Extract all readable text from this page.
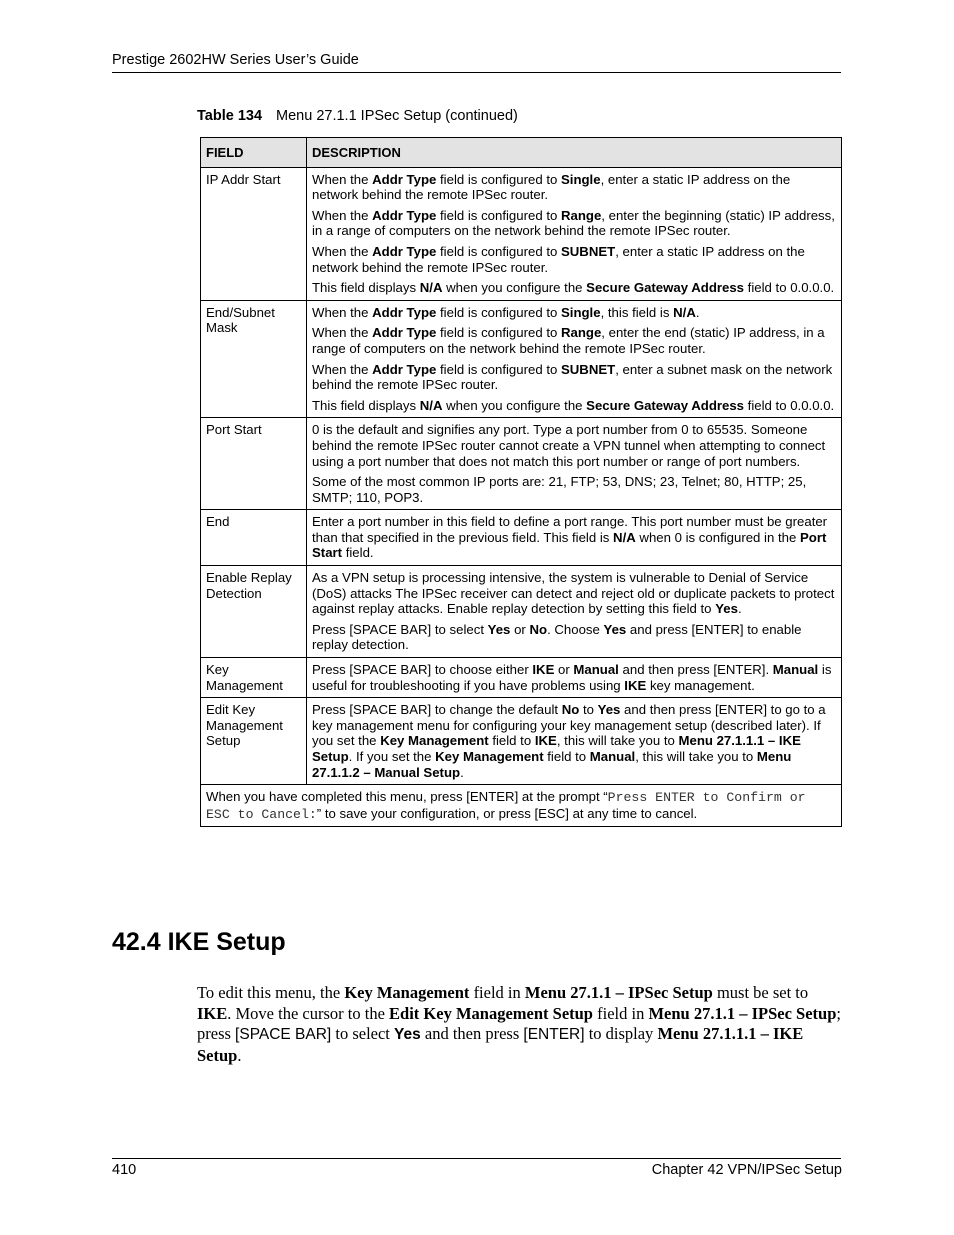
Prestige 2602HW Series User’s Guide
Table 134 Menu 27.1.1 IPSec Setup (continued)
FIELD	DESCRIPTION
IP Addr Start	When the Addr Type field is configured to Single, enter a static IP address on the network behind the remote IPSec router.

When the Addr Type field is configured to Range, enter the beginning (static) IP address, in a range of computers on the network behind the remote IPSec router.

When the Addr Type field is configured to SUBNET, enter a static IP address on the network behind the remote IPSec router.

This field displays N/A when you configure the Secure Gateway Address field to 0.0.0.0.

End/Subnet Mask	When the Addr Type field is configured to Single, this field is N/A.

When the Addr Type field is configured to Range, enter the end (static) IP address, in a range of computers on the network behind the remote IPSec router.

When the Addr Type field is configured to SUBNET, enter a subnet mask on the network behind the remote IPSec router.

This field displays N/A when you configure the Secure Gateway Address field to 0.0.0.0.

Port Start	0 is the default and signifies any port. Type a port number from 0 to 65535. Someone behind the remote IPSec router cannot create a VPN tunnel when attempting to connect using a port number that does not match this port number or range of port numbers.

Some of the most common IP ports are: 21, FTP; 53, DNS; 23, Telnet; 80, HTTP; 25, SMTP; 110, POP3.

End	Enter a port number in this field to define a port range. This port number must be greater than that specified in the previous field. This field is N/A when 0 is configured in the Port Start field.

Enable Replay Detection	As a VPN setup is processing intensive, the system is vulnerable to Denial of Service (DoS) attacks The IPSec receiver can detect and reject old or duplicate packets to protect against replay attacks. Enable replay detection by setting this field to Yes.

Press [SPACE BAR] to select Yes or No. Choose Yes and press [ENTER] to enable replay detection.

Key Management	Press [SPACE BAR] to choose either IKE or Manual and then press [ENTER]. Manual is useful for troubleshooting if you have problems using IKE key management.

Edit Key Management Setup	Press [SPACE BAR] to change the default No to Yes and then press [ENTER] to go to a key management menu for configuring your key management setup (described later). If you set the Key Management field to IKE, this will take you to Menu 27.1.1.1 – IKE Setup. If you set the Key Management field to Manual, this will take you to Menu 27.1.1.2 – Manual Setup.

When you have completed this menu, press [ENTER] at the prompt “Press ENTER to Confirm or ESC to Cancel:” to save your configuration, or press [ESC] at any time to cancel.	
42.4 IKE Setup
To edit this menu, the Key Management field in Menu 27.1.1 – IPSec Setup must be set to IKE. Move the cursor to the Edit Key Management Setup field in Menu 27.1.1 – IPSec Setup; press [SPACE BAR] to select Yes and then press [ENTER] to display Menu 27.1.1.1 – IKE Setup.
410	Chapter 42 VPN/IPSec Setup
